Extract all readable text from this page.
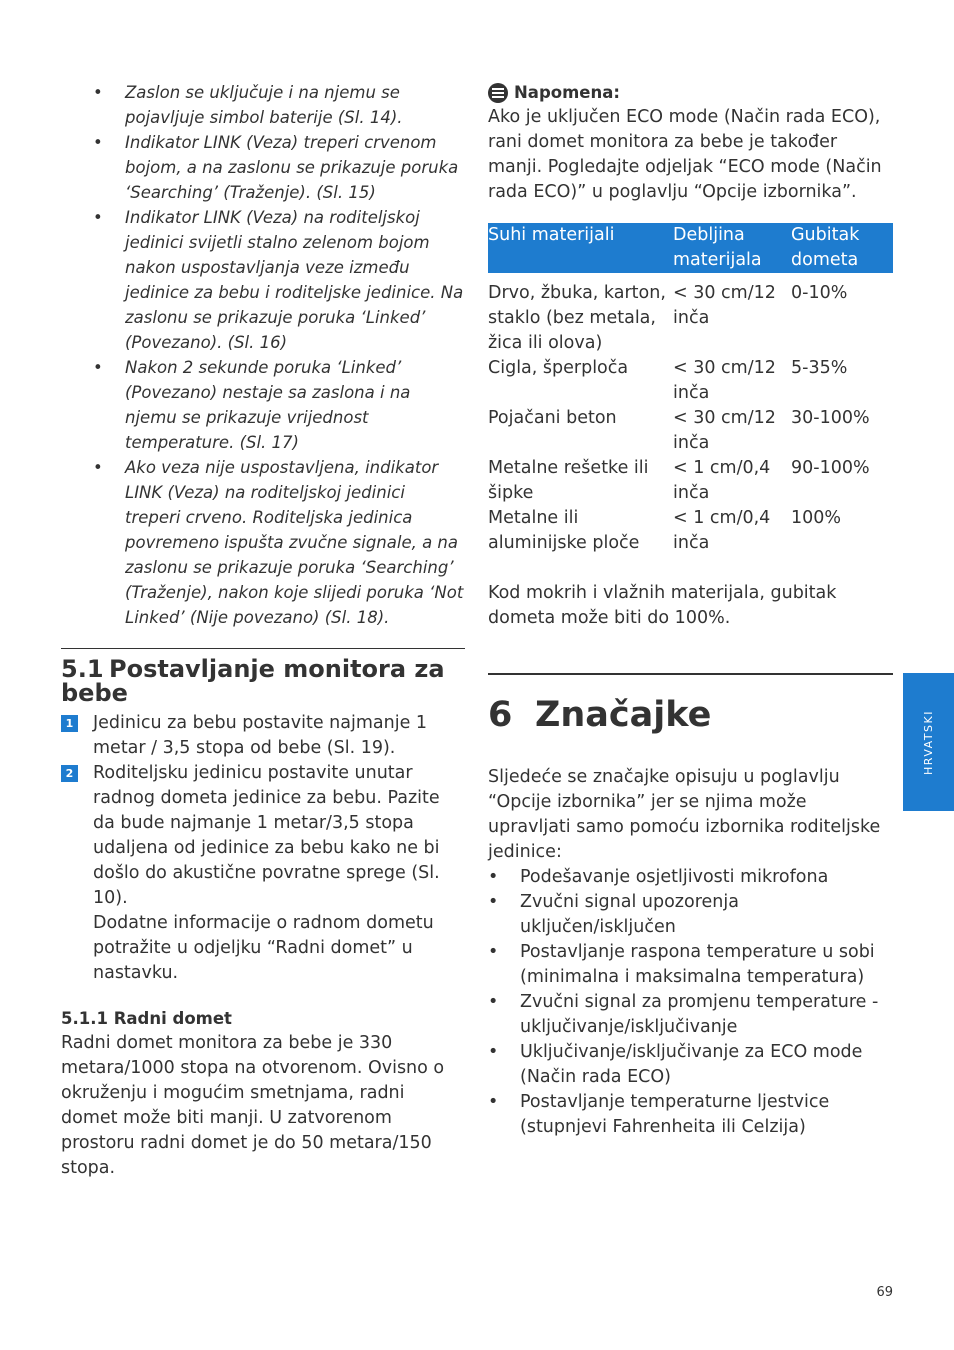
• Zaslon se uključuje i na njemu se pojavljuje simbol baterije (Sl. 14).
• Indikator LINK (Veza) treperi crvenom bojom, a na zaslonu se prikazuje poruka ‘Searching’ (Traženje). (Sl. 15)
• Indikator LINK (Veza) na roditeljskoj jedinici svijetli stalno zelenom bojom nakon uspostavljanja veze između jedinice za bebu i roditeljske jedinice. Na zaslonu se prikazuje poruka ‘Linked’ (Povezano). (Sl. 16)
• Nakon 2 sekunde poruka ‘Linked’ (Povezano) nestaje sa zaslona i na njemu se prikazuje vrijednost temperature. (Sl. 17)
• Ako veza nije uspostavljena, indikator LINK (Veza) na roditeljskoj jedinici treperi crveno. Roditeljska jedinica povremeno ispušta zvučne signale, a na zaslonu se prikazuje poruka ‘Searching’ (Traženje), nakon koje slijedi poruka ‘Not Linked’ (Nije povezano) (Sl. 18).
5.1 Postavljanje monitora za bebe
1 Jedinicu za bebu postavite najmanje 1 metar / 3,5 stopa od bebe (Sl. 19).

2 Roditeljsku jedinicu postavite unutar radnog dometa jedinice za bebu. Pazite da bude najmanje 1 metar/3,5 stopa udaljena od jedinice za bebu kako ne bi došlo do akustične povratne sprege (Sl. 10).

Dodatne informacije o radnom dometu potražite u odjeljku “Radni domet” u nastavku.

5.1.1 Radni domet

Radni domet monitora za bebe je 330 metara/1000 stopa na otvorenom. Ovisno o okruženju i mogućim smetnjama, radni domet može biti manji. U zatvorenom prostoru radni domet je do 50 metara/150 stopa.

Napomena:

Ako je uključen ECO mode (Način rada ECO), rani domet monitora za bebe je također manji. Pogledajte odjeljak “ECO mode (Način rada ECO)” u poglavlju “Opcije izbornika”.

Suhi materijali	Debljina materijala	Gubitak dometa
Drvo, žbuka, karton, staklo (bez metala, žica ili olova)	< 30 cm/12 inča	0-10%
Cigla, šperploča	< 30 cm/12 inča	5-35%
Pojačani beton	< 30 cm/12 inča	30-100%
Metalne rešetke ili šipke	< 1 cm/0,4 inča	90-100%
Metalne ili aluminijske ploče	< 1 cm/0,4 inča	100%

Kod mokrih i vlažnih materijala, gubitak dometa može biti do 100%.

6 Značajke

Sljedeće se značajke opisuju u poglavlju “Opcije izbornika” jer se njima može upravljati samo pomoću izbornika roditeljske jedinice:

• Podešavanje osjetljivosti mikrofona
• Zvučni signal upozorenja uključen/isključen
• Postavljanje raspona temperature u sobi (minimalna i maksimalna temperatura)
• Zvučni signal za promjenu temperature - uključivanje/isključivanje
• Uključivanje/isključivanje za ECO mode (Način rada ECO)
• Postavljanje temperaturne ljestvice (stupnjevi Fahrenheita ili Celzija)
HRVATSKI
69
